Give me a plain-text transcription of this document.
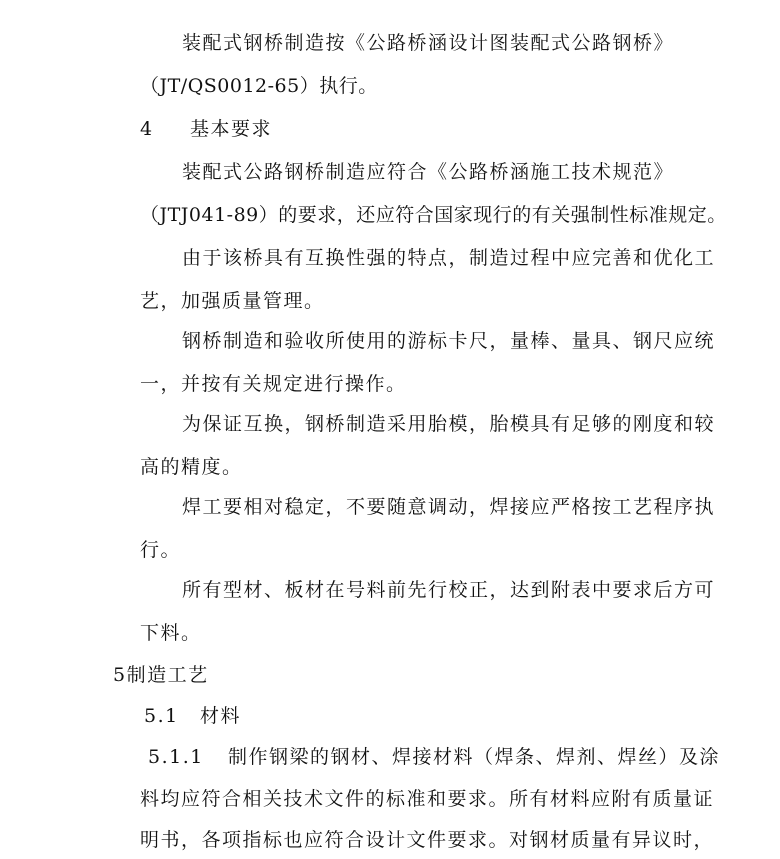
装配式钢桥制造按《公路桥涵设计图装配式公路钢桥》
（JT/QS0012-65）执行。
4 基本要求
装配式公路钢桥制造应符合《公路桥涵施工技术规范》
（JTJ041-89）的要求，还应符合国家现行的有关强制性标准规定。
由于该桥具有互换性强的特点，制造过程中应完善和优化工
艺，加强质量管理。
钢桥制造和验收所使用的游标卡尺，量棒、量具、钢尺应统
一，并按有关规定进行操作。
为保证互换，钢桥制造采用胎模，胎模具有足够的刚度和较
高的精度。
焊工要相对稳定，不要随意调动，焊接应严格按工艺程序执
行。
所有型材、板材在号料前先行校正，达到附表中要求后方可
下料。
5制造工艺
5.1 材料
5.1.1 制作钢梁的钢材、焊接材料（焊条、焊剂、焊丝）及涂
料均应符合相关技术文件的标准和要求。所有材料应附有质量证
明书，各项指标也应符合设计文件要求。对钢材质量有异议时，
